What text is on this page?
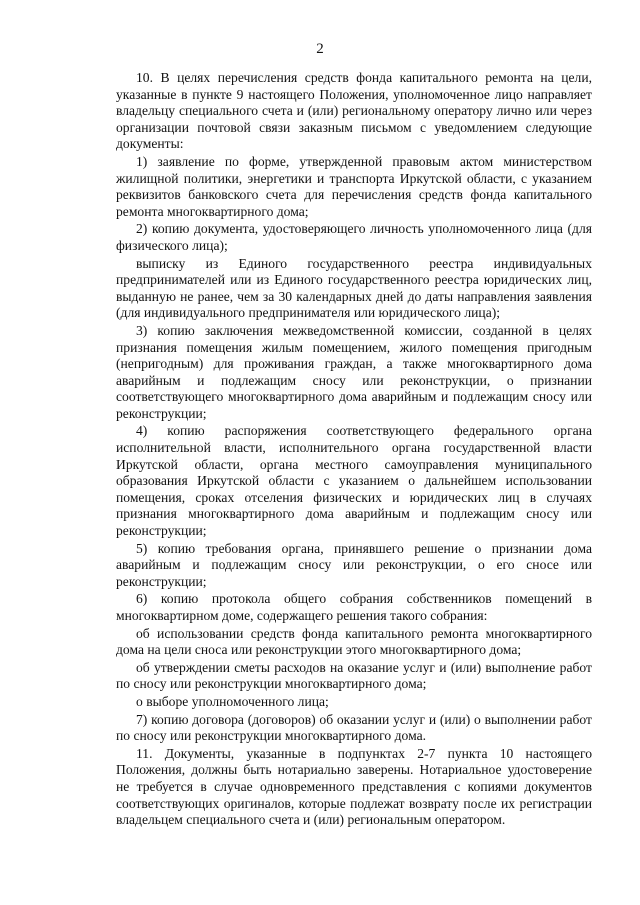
2

10. В целях перечисления средств фонда капитального ремонта на цели, указанные в пункте 9 настоящего Положения, уполномоченное лицо направляет владельцу специального счета и (или) региональному оператору лично или через организации почтовой связи заказным письмом с уведомлением следующие документы:

1) заявление по форме, утвержденной правовым актом министерством жилищной политики, энергетики и транспорта Иркутской области, с указанием реквизитов банковского счета для перечисления средств фонда капитального ремонта многоквартирного дома;

2) копию документа, удостоверяющего личность уполномоченного лица (для физического лица);

выписку из Единого государственного реестра индивидуальных предпринимателей или из Единого государственного реестра юридических лиц, выданную не ранее, чем за 30 календарных дней до даты направления заявления (для индивидуального предпринимателя или юридического лица);

3) копию заключения межведомственной комиссии, созданной в целях признания помещения жилым помещением, жилого помещения пригодным (непригодным) для проживания граждан, а также многоквартирного дома аварийным и подлежащим сносу или реконструкции, о признании соответствующего многоквартирного дома аварийным и подлежащим сносу или реконструкции;

4) копию распоряжения соответствующего федерального органа исполнительной власти, исполнительного органа государственной власти Иркутской области, органа местного самоуправления муниципального образования Иркутской области с указанием о дальнейшем использовании помещения, сроках отселения физических и юридических лиц в случаях признания многоквартирного дома аварийным и подлежащим сносу или реконструкции;

5) копию требования органа, принявшего решение о признании дома аварийным и подлежащим сносу или реконструкции, о его сносе или реконструкции;

6) копию протокола общего собрания собственников помещений в многоквартирном доме, содержащего решения такого собрания:

об использовании средств фонда капитального ремонта многоквартирного дома на цели сноса или реконструкции этого многоквартирного дома;

об утверждении сметы расходов на оказание услуг и (или) выполнение работ по сносу или реконструкции многоквартирного дома;

о выборе уполномоченного лица;

7) копию договора (договоров) об оказании услуг и (или) о выполнении работ по сносу или реконструкции многоквартирного дома.

11. Документы, указанные в подпунктах 2-7 пункта 10 настоящего Положения, должны быть нотариально заверены. Нотариальное удостоверение не требуется в случае одновременного представления с копиями документов соответствующих оригиналов, которые подлежат возврату после их регистрации владельцем специального счета и (или) региональным оператором.
